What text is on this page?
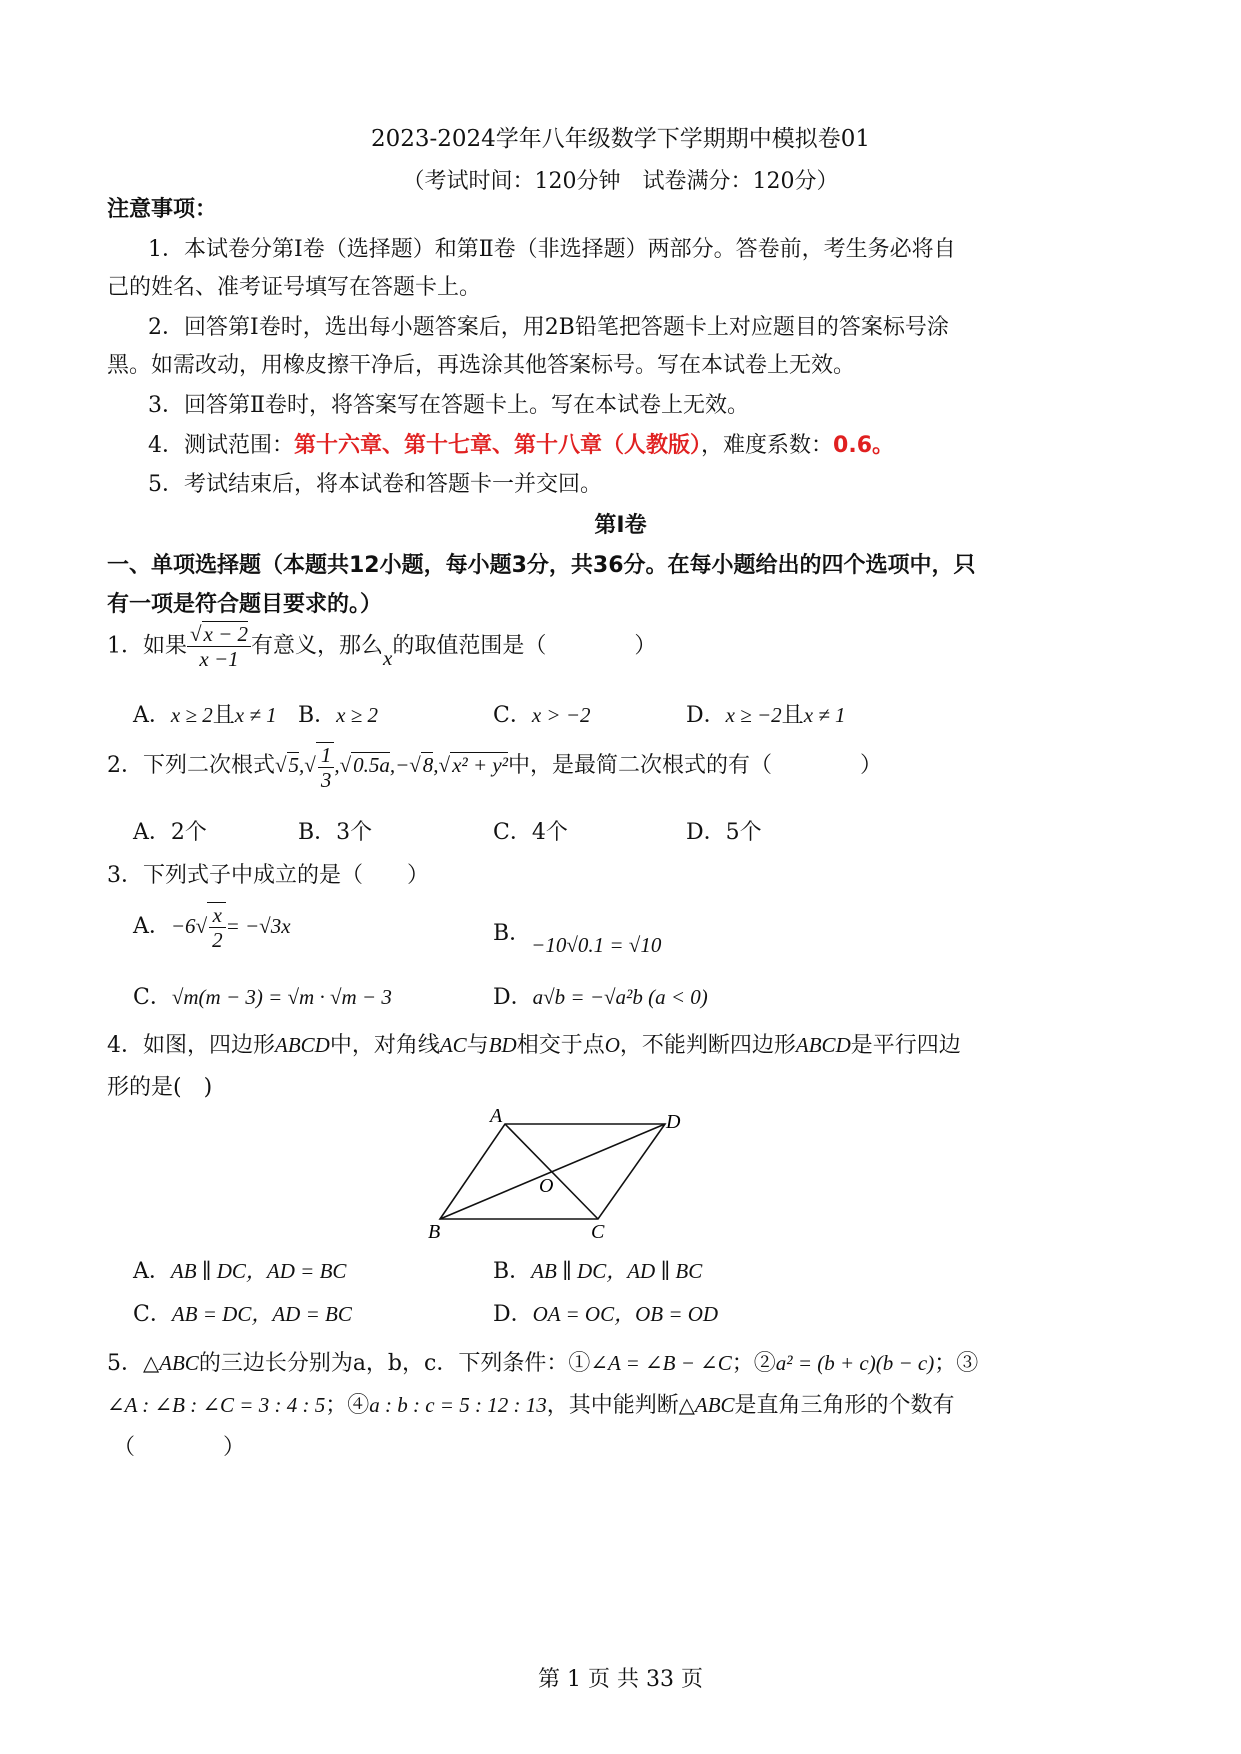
2023-2024学年八年级数学下学期期中模拟卷01
（考试时间：120分钟　试卷满分：120分）
注意事项：
1．本试卷分第Ⅰ卷（选择题）和第Ⅱ卷（非选择题）两部分。答卷前，考生务必将自
己的姓名、准考证号填写在答题卡上。
2．回答第Ⅰ卷时，选出每小题答案后，用2B铅笔把答题卡上对应题目的答案标号涂
黑。如需改动，用橡皮擦干净后，再选涂其他答案标号。写在本试卷上无效。
3．回答第Ⅱ卷时，将答案写在答题卡上。写在本试卷上无效。
4．测试范围：第十六章、第十七章、第十八章（人教版），难度系数：0.6。
5．考试结束后，将本试卷和答题卡一并交回。
第Ⅰ卷
一、单项选择题（本题共12小题，每小题3分，共36分。在每小题给出的四个选项中，只
有一项是符合题目要求的。）
1．如果 $\frac{√x - 2}{x -1}$ 有意义，那么x的取值范围是（　　　　）
A．x ≥ 2且x ≠ 1 B．x ≥ 2	C．x > −2	D．x ≥ −2且x ≠ 1
2．下列二次根式$√5,√ \frac{1}{3} ,√0.5a,-√8,√x^2 + y^2$中，是最简二次根式的有（　　　　）
A．2个	B．3个	C．4个	D．5个
3．下列式子中成立的是（　　）
A．$-6√ \frac{x}{2} = -√3x$	B．−10√0.1 = √10
C．√m(m − 3) = √m · √m − 3	D．a√b = −√a²b (a < 0)
4．如图，四边形ABCD中，对角线AC与BD相交于点O，不能判断四边形ABCD是平行四边
形的是(　)
A	D
B	C
O
A．AB ∥ DC，AD = BC	B．AB ∥ DC，AD ∥ BC
C．AB = DC，AD = BC	D．OA = OC，OB = OD
5．△ABC的三边长分别为a，b，c．下列条件：①∠A = ∠B − ∠C；②a² = (b + c)(b − c)；③
∠A : ∠B : ∠C = 3 : 4 : 5；④a : b : c = 5 : 12 : 13，其中能判断△ABC是直角三角形的个数有
（　　　　）
第 1 页 共 33 页
